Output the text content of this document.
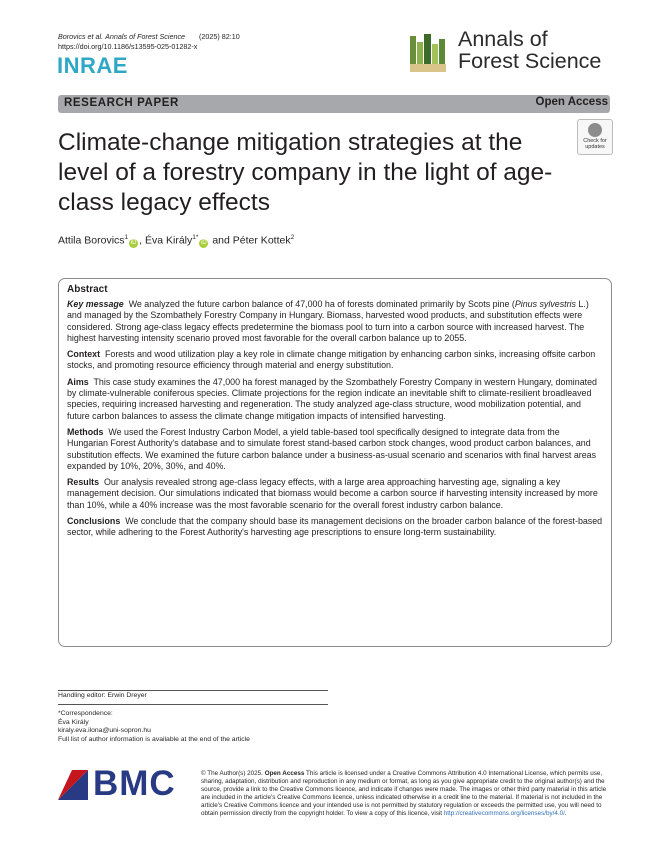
Borovics et al. Annals of Forest Science (2025) 82:10
https://doi.org/10.1186/s13595-025-01282-x
INRAE
Annals of
Forest Science
RESEARCH PAPER	Open Access
Climate-change mitigation strategies at the level of a forestry company in the light of age-class legacy effects
Check for
updates
Attila Borovics$^1$iD , Éva Király$^{1*}$iD and Péter Kottek$^2$
Abstract
Key message We analyzed the future carbon balance of 47,000 ha of forests dominated primarily by Scots pine (Pinus sylvestris L.) and managed by the Szombathely Forestry Company in Hungary. Biomass, harvested wood products, and substitution effects were considered. Strong age-class legacy effects predetermine the biomass pool to turn into a carbon source with increased harvest. The highest harvesting intensity scenario proved most favorable for the overall carbon balance up to 2055.
Context Forests and wood utilization play a key role in climate change mitigation by enhancing carbon sinks, increasing offsite carbon stocks, and promoting resource efficiency through material and energy substitution.
Aims This case study examines the 47,000 ha forest managed by the Szombathely Forestry Company in western Hungary, dominated by climate-vulnerable coniferous species. Climate projections for the region indicate an inevitable shift to climate-resilient broadleaved species, requiring increased harvesting and regeneration. The study analyzed age-class structure, wood mobilization potential, and future carbon balances to assess the climate change mitigation impacts of intensified harvesting.
Methods We used the Forest Industry Carbon Model, a yield table-based tool specifically designed to integrate data from the Hungarian Forest Authority's database and to simulate forest stand-based carbon stock changes, wood product carbon balances, and substitution effects. We examined the future carbon balance under a business-as-usual scenario and scenarios with final harvest areas expanded by 10%, 20%, 30%, and 40%.
Results Our analysis revealed strong age-class legacy effects, with a large area approaching harvesting age, signaling a key management decision. Our simulations indicated that biomass would become a carbon source if harvesting intensity increased by more than 10%, while a 40% increase was the most favorable scenario for the overall forest industry carbon balance.
Conclusions We conclude that the company should base its management decisions on the broader carbon balance of the forest-based sector, while adhering to the Forest Authority's harvesting age prescriptions to ensure long-term sustainability.
Handling editor: Erwin Dreyer
*Correspondence:
Éva Király
kiraly.eva.ilona@uni-sopron.hu
Full list of author information is available at the end of the article
BMC	© The Author(s) 2025. Open Access This article is licensed under a Creative Commons Attribution 4.0 International License, which permits use, sharing, adaptation, distribution and reproduction in any medium or format, as long as you give appropriate credit to the original author(s) and the source, provide a link to the Creative Commons licence, and indicate if changes were made. The images or other third party material in this article are included in the article's Creative Commons licence, unless indicated otherwise in a credit line to the material. If material is not included in the article's Creative Commons licence and your intended use is not permitted by statutory regulation or exceeds the permitted use, you will need to obtain permission directly from the copyright holder. To view a copy of this licence, visit http://creativecommons.org/licenses/by/4.0/.
